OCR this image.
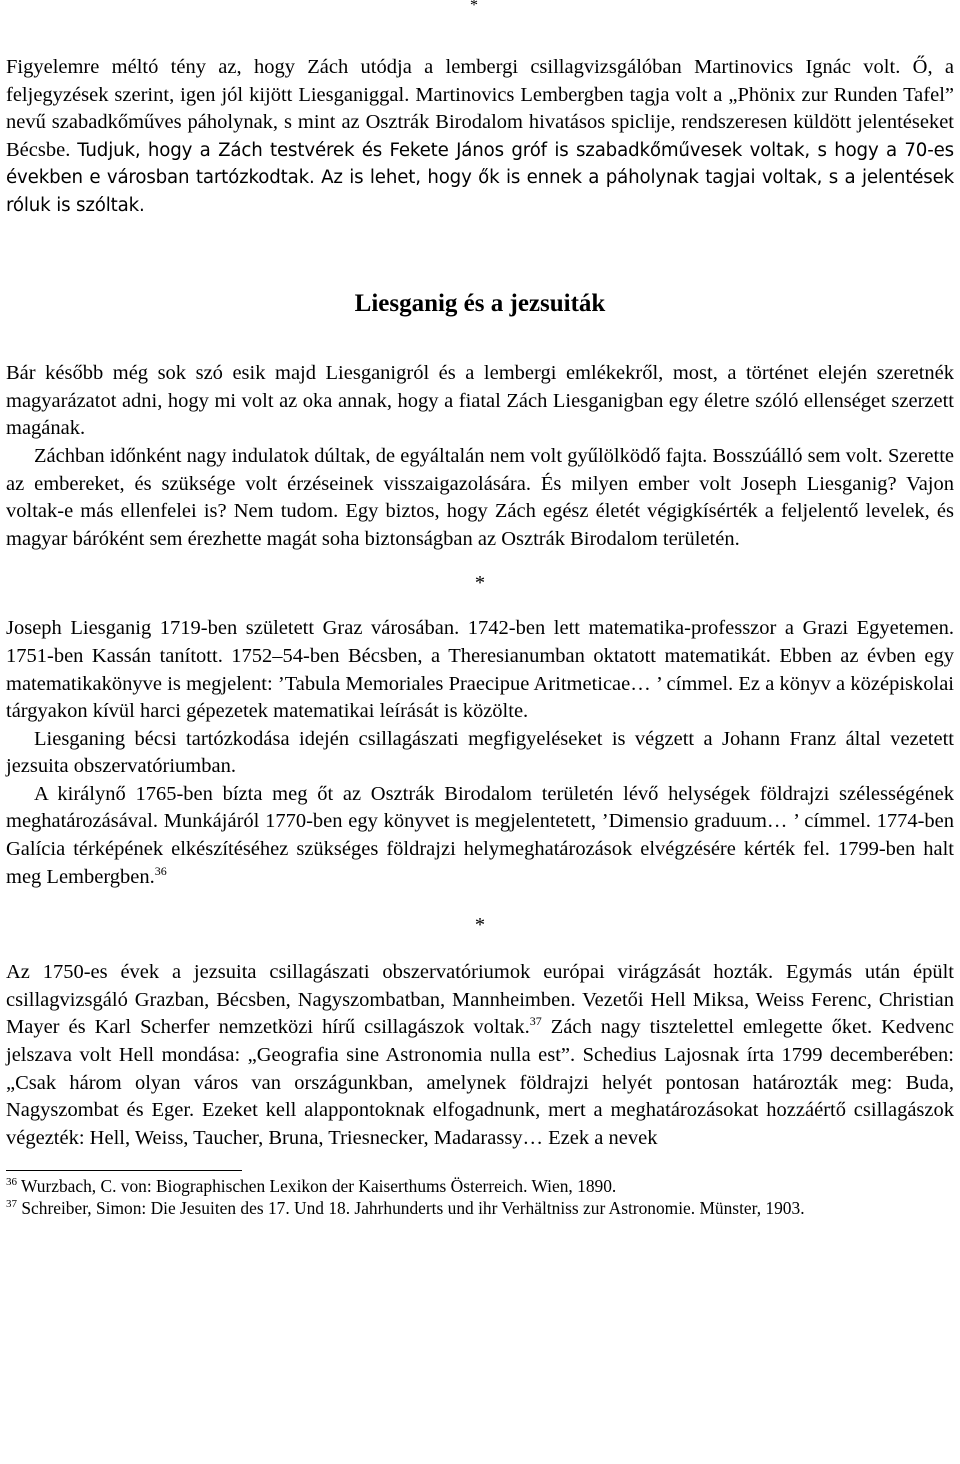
*

Figyelemre méltó tény az, hogy Zách utódja a lembergi csillagvizsgálóban Martinovics Ignác volt. Ő, a feljegyzések szerint, igen jól kijött Liesganiggal. Martinovics Lembergben tagja volt a „Phönix zur Runden Tafel” nevű szabadkőműves páholynak, s mint az Osztrák Birodalom hivatásos spiclije, rendszeresen küldött jelentéseket Bécsbe. Tudjuk, hogy a Zách testvérek és Fekete János gróf is szabadkőművesek voltak, s hogy a 70-es években e városban tartózkodtak. Az is lehet, hogy ők is ennek a páholynak tagjai voltak, s a jelentések róluk is szóltak.

Liesganig és a jezsuiták

Bár később még sok szó esik majd Liesganigról és a lembergi emlékekről, most, a történet elején szeretnék magyarázatot adni, hogy mi volt az oka annak, hogy a fiatal Zách Liesganigban egy életre szóló ellenséget szerzett magának.

Záchban időnként nagy indulatok dúltak, de egyáltalán nem volt gyűlölködő fajta. Bosszúálló sem volt. Szerette az embereket, és szüksége volt érzéseinek visszaigazolására. És milyen ember volt Joseph Liesganig? Vajon voltak-e más ellenfelei is? Nem tudom. Egy biztos, hogy Zách egész életét végigkísérték a feljelentő levelek, és magyar báróként sem érezhette magát soha biztonságban az Osztrák Birodalom területén.

*

Joseph Liesganig 1719-ben született Graz városában. 1742-ben lett matematika-professzor a Grazi Egyetemen. 1751-ben Kassán tanított. 1752–54-ben Bécsben, a Theresianumban oktatott matematikát. Ebben az évben egy matematikakönyve is megjelent: ’Tabula Memoriales Praecipue Aritmeticae… ’ címmel. Ez a könyv a középiskolai tárgyakon kívül harci gépezetek matematikai leírását is közölte.

Liesganing bécsi tartózkodása idején csillagászati megfigyeléseket is végzett a Johann Franz által vezetett jezsuita obszervatóriumban.

A királynő 1765-ben bízta meg őt az Osztrák Birodalom területén lévő helységek földrajzi szélességének meghatározásával. Munkájáról 1770-ben egy könyvet is megjelentetett, ’Dimensio graduum… ’ címmel. 1774-ben Galícia térképének elkészítéséhez szükséges földrajzi helymeghatározások elvégzésére kérték fel. 1799-ben halt meg Lembergben.$^{36}$

*

Az 1750-es évek a jezsuita csillagászati obszervatóriumok európai virágzását hozták. Egymás után épült csillagvizsgáló Grazban, Bécsben, Nagyszombatban, Mannheimben. Vezetői Hell Miksa, Weiss Ferenc, Christian Mayer és Karl Scherfer nemzetközi hírű csillagászok voltak.$^{37}$ Zách nagy tisztelettel emlegette őket. Kedvenc jelszava volt Hell mondása: „Geografia sine Astronomia nulla est”. Schedius Lajosnak írta 1799 decemberében: „Csak három olyan város van országunkban, amelynek földrajzi helyét pontosan határozták meg: Buda, Nagyszombat és Eger. Ezeket kell alappontoknak elfogadnunk, mert a meghatározásokat hozzáértő csillagászok végezték: Hell, Weiss, Taucher, Bruna, Triesnecker, Madarassy… Ezek a nevek

$^{36}$ Wurzbach, C. von: Biographischen Lexikon der Kaiserthums Österreich. Wien, 1890.

$^{37}$ Schreiber, Simon: Die Jesuiten des 17. Und 18. Jahrhunderts und ihr Verhältniss zur Astronomie. Münster, 1903.
